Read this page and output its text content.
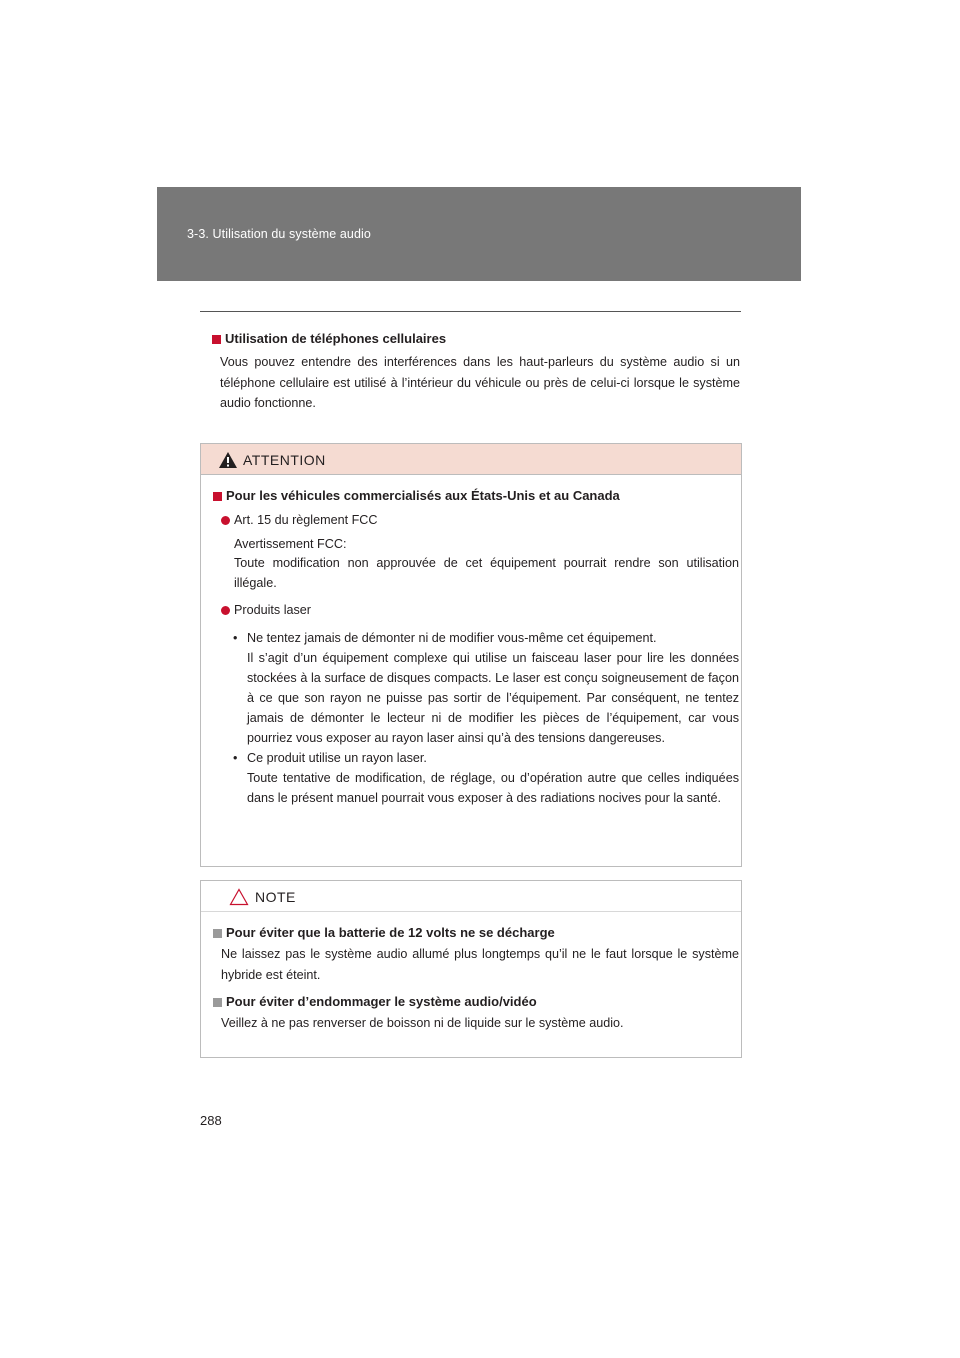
3-3. Utilisation du système audio
Utilisation de téléphones cellulaires
Vous pouvez entendre des interférences dans les haut-parleurs du système audio si un téléphone cellulaire est utilisé à l’intérieur du véhicule ou près de celui-ci lorsque le système audio fonctionne.
ATTENTION
Pour les véhicules commercialisés aux États-Unis et au Canada
Art. 15 du règlement FCC
Avertissement FCC:
Toute modification non approuvée de cet équipement pourrait rendre son utilisation illégale.
Produits laser
• Ne tentez jamais de démonter ni de modifier vous-même cet équipement.
Il s’agit d’un équipement complexe qui utilise un faisceau laser pour lire les données stockées à la surface de disques compacts. Le laser est conçu soigneusement de façon à ce que son rayon ne puisse pas sortir de l’équipement. Par conséquent, ne tentez jamais de démonter le lecteur ni de modifier les pièces de l’équipement, car vous pourriez vous exposer au rayon laser ainsi qu’à des tensions dangereuses.
• Ce produit utilise un rayon laser.
Toute tentative de modification, de réglage, ou d’opération autre que celles indiquées dans le présent manuel pourrait vous exposer à des radiations nocives pour la santé.
NOTE
Pour éviter que la batterie de 12 volts ne se décharge
Ne laissez pas le système audio allumé plus longtemps qu’il ne le faut lorsque le système hybride est éteint.
Pour éviter d’endommager le système audio/vidéo
Veillez à ne pas renverser de boisson ni de liquide sur le système audio.
288
